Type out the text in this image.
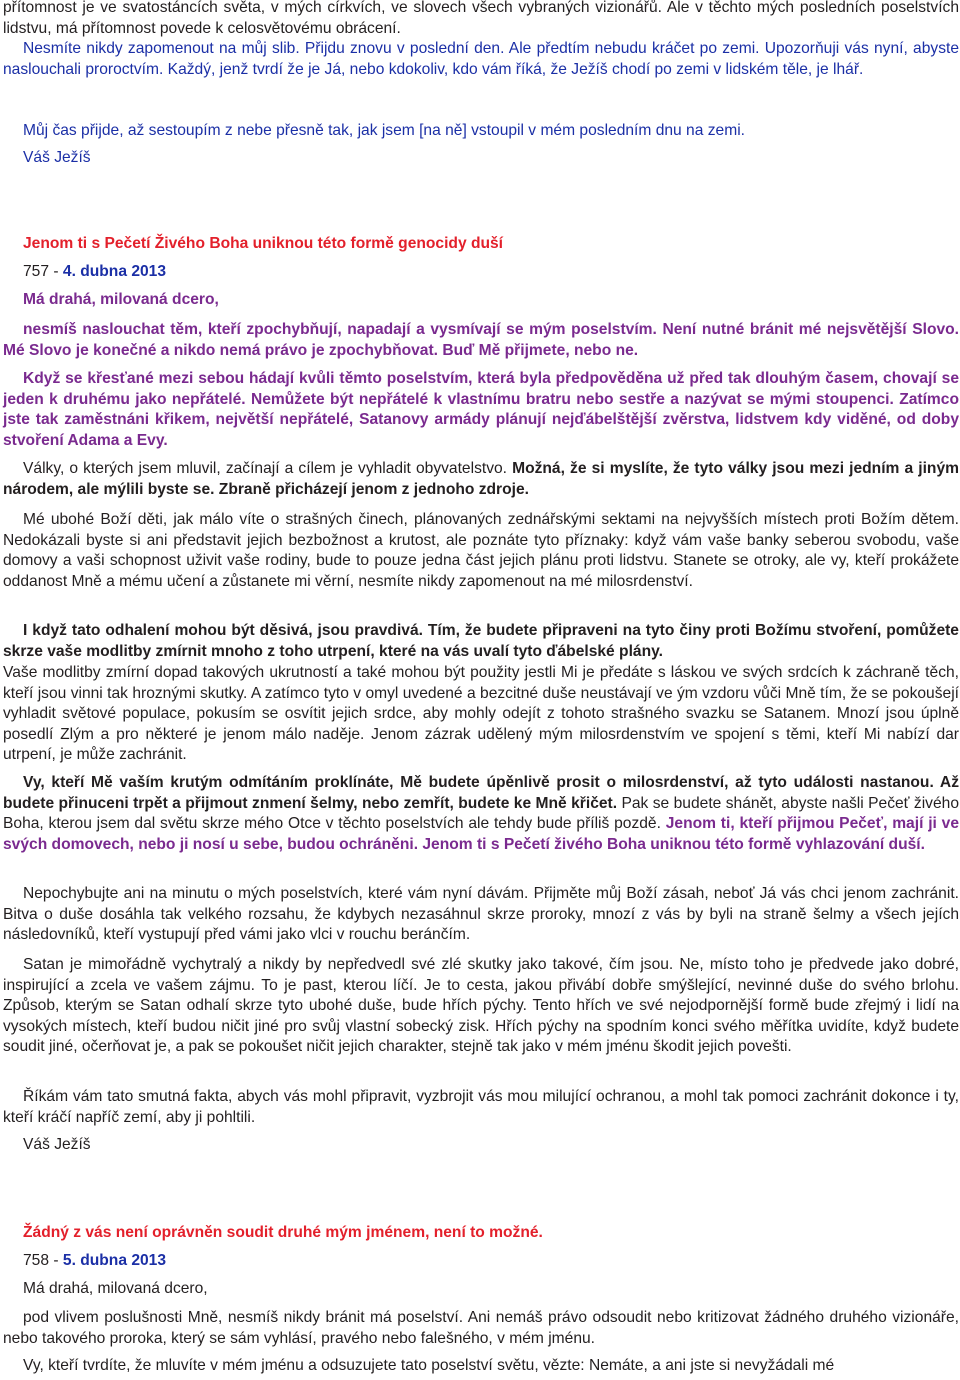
přítomnost je ve svatostáncích světa, v mých církvích, ve slovech všech vybraných vizionářů. Ale v těchto mých posledních poselstvích lidstvu, má přítomnost povede k celosvětovému obrácení.

Nesmíte nikdy zapomenout na můj slib. Přijdu znovu v poslední den. Ale předtím nebudu kráčet po zemi. Upozorňuji vás nyní, abyste naslouchali proroctvím. Každý, jenž tvrdí že je Já, nebo kdokoliv, kdo vám říká, že Ježíš chodí po zemi v lidském těle, je lhář.

Můj čas přijde, až sestoupím z nebe přesně tak, jak jsem [na ně] vstoupil v mém posledním dnu na zemi.

Váš Ježíš

Jenom ti s Pečetí Živého Boha uniknou této formě genocidy duší

757 - 4. dubna 2013

Má drahá, milovaná dcero,

nesmíš naslouchat těm, kteří zpochybňují, napadají a vysmívají se mým poselstvím. Není nutné bránit mé nejsvětější Slovo. Mé Slovo je konečné a nikdo nemá právo je zpochybňovat. Buď Mě přijmete, nebo ne.

Když se křesťané mezi sebou hádají kvůli těmto poselstvím, která byla předpověděna už před tak dlouhým časem, chovají se jeden k druhému jako nepřátelé. Nemůžete být nepřátelé k vlastnímu bratru nebo sestře a nazývat se mými stoupenci. Zatímco jste tak zaměstnáni křikem, největší nepřátelé, Satanovy armády plánují nejďábelštější zvěrstva, lidstvem kdy viděné, od doby stvoření Adama a Evy.

Války, o kterých jsem mluvil, začínají a cílem je vyhladit obyvatelstvo. Možná, že si myslíte, že tyto války jsou mezi jedním a jiným národem, ale mýlili byste se. Zbraně přicházejí jenom z jednoho zdroje.

Mé ubohé Boží děti, jak málo víte o strašných činech, plánovaných zednářskými sektami na nejvyšších místech proti Božím dětem. Nedokázali byste si ani představit jejich bezbožnost a krutost, ale poznáte tyto příznaky: když vám vaše banky seberou svobodu, vaše domovy a vaši schopnost uživit vaše rodiny, bude to pouze jedna část jejich plánu proti lidstvu. Stanete se otroky, ale vy, kteří prokážete oddanost Mně a mému učení a zůstanete mi věrní, nesmíte nikdy zapomenout na mé milosrdenství.

I když tato odhalení mohou být děsivá, jsou pravdivá. Tím, že budete připraveni na tyto činy proti Božímu stvoření, pomůžete skrze vaše modlitby zmírnit mnoho z toho utrpení, které na vás uvalí tyto ďábelské plány.

Vaše modlitby zmírní dopad takových ukrutností a také mohou být použity jestli Mi je předáte s láskou ve svých srdcích k záchraně těch, kteří jsou vinni tak hroznými skutky. A zatímco tyto v omyl uvedené a bezcitné duše neustávají ve ým vzdoru vůči Mně tím, že se pokoušejí vyhladit světové populace, pokusím se osvítit jejich srdce, aby mohly odejít z tohoto strašného svazku se Satanem. Mnozí jsou úplně posedlí Zlým a pro některé je jenom málo naděje. Jenom zázrak udělený mým milosrdenstvím ve spojení s těmi, kteří Mi nabízí dar utrpení, je může zachránit.

Vy, kteří Mě vaším krutým odmítáním proklínáte, Mě budete úpěnlivě prosit o milosrdenství, až tyto události nastanou. Až budete přinuceni trpět a přijmout znmení šelmy, nebo zemřít, budete ke Mně křičet. Pak se budete shánět, abyste našli Pečeť živého Boha, kterou jsem dal světu skrze mého Otce v těchto poselstvích ale tehdy bude příliš pozdě. Jenom ti, kteří přijmou Pečeť, mají ji ve svých domovech, nebo ji nosí u sebe, budou ochráněni. Jenom ti s Pečetí živého Boha uniknou této formě vyhlazování duší.

Nepochybujte ani na minutu o mých poselstvích, které vám nyní dávám. Přijměte můj Boží zásah, neboť Já vás chci jenom zachránit. Bitva o duše dosáhla tak velkého rozsahu, že kdybych nezasáhnul skrze proroky, mnozí z vás by byli na straně šelmy a všech jejích následovníků, kteří vystupují před vámi jako vlci v rouchu beránčím.

Satan je mimořádně vychytralý a nikdy by nepředvedl své zlé skutky jako takové, čím jsou. Ne, místo toho je předvede jako dobré, inspirující a zcela ve vašem zájmu. To je past, kterou líčí. Je to cesta, jakou přivábí dobře smýšlející, nevinné duše do svého brlohu. Způsob, kterým se Satan odhalí skrze tyto ubohé duše, bude hřích pýchy. Tento hřích ve své nejodpornější formě bude zřejmý i lidí na vysokých místech, kteří budou ničit jiné pro svůj vlastní sobecký zisk. Hřích pýchy na spodním konci svého měřítka uvidíte, když budete soudit jiné, očerňovat je, a pak se pokoušet ničit jejich charakter, stejně tak jako v mém jménu škodit jejich povešti.

Říkám vám tato smutná fakta, abych vás mohl připravit, vyzbrojit vás mou milující ochranou, a mohl tak pomoci zachránit dokonce i ty, kteří kráčí napříč zemí, aby ji pohltili.

Váš Ježíš

Žádný z vás není oprávněn soudit druhé mým jménem, není to možné.

758 - 5. dubna 2013

Má drahá, milovaná dcero,

pod vlivem poslušnosti Mně, nesmíš nikdy bránit má poselství. Ani nemáš právo odsoudit nebo kritizovat žádného druhého vizionáře, nebo takového proroka, který se sám vyhlásí, pravého nebo falešného, v mém jménu.

Vy, kteří tvrdíte, že mluvíte v mém jménu a odsuzujete tato poselství světu, vězte: Nemáte, a ani jste si nevyžádali mé
